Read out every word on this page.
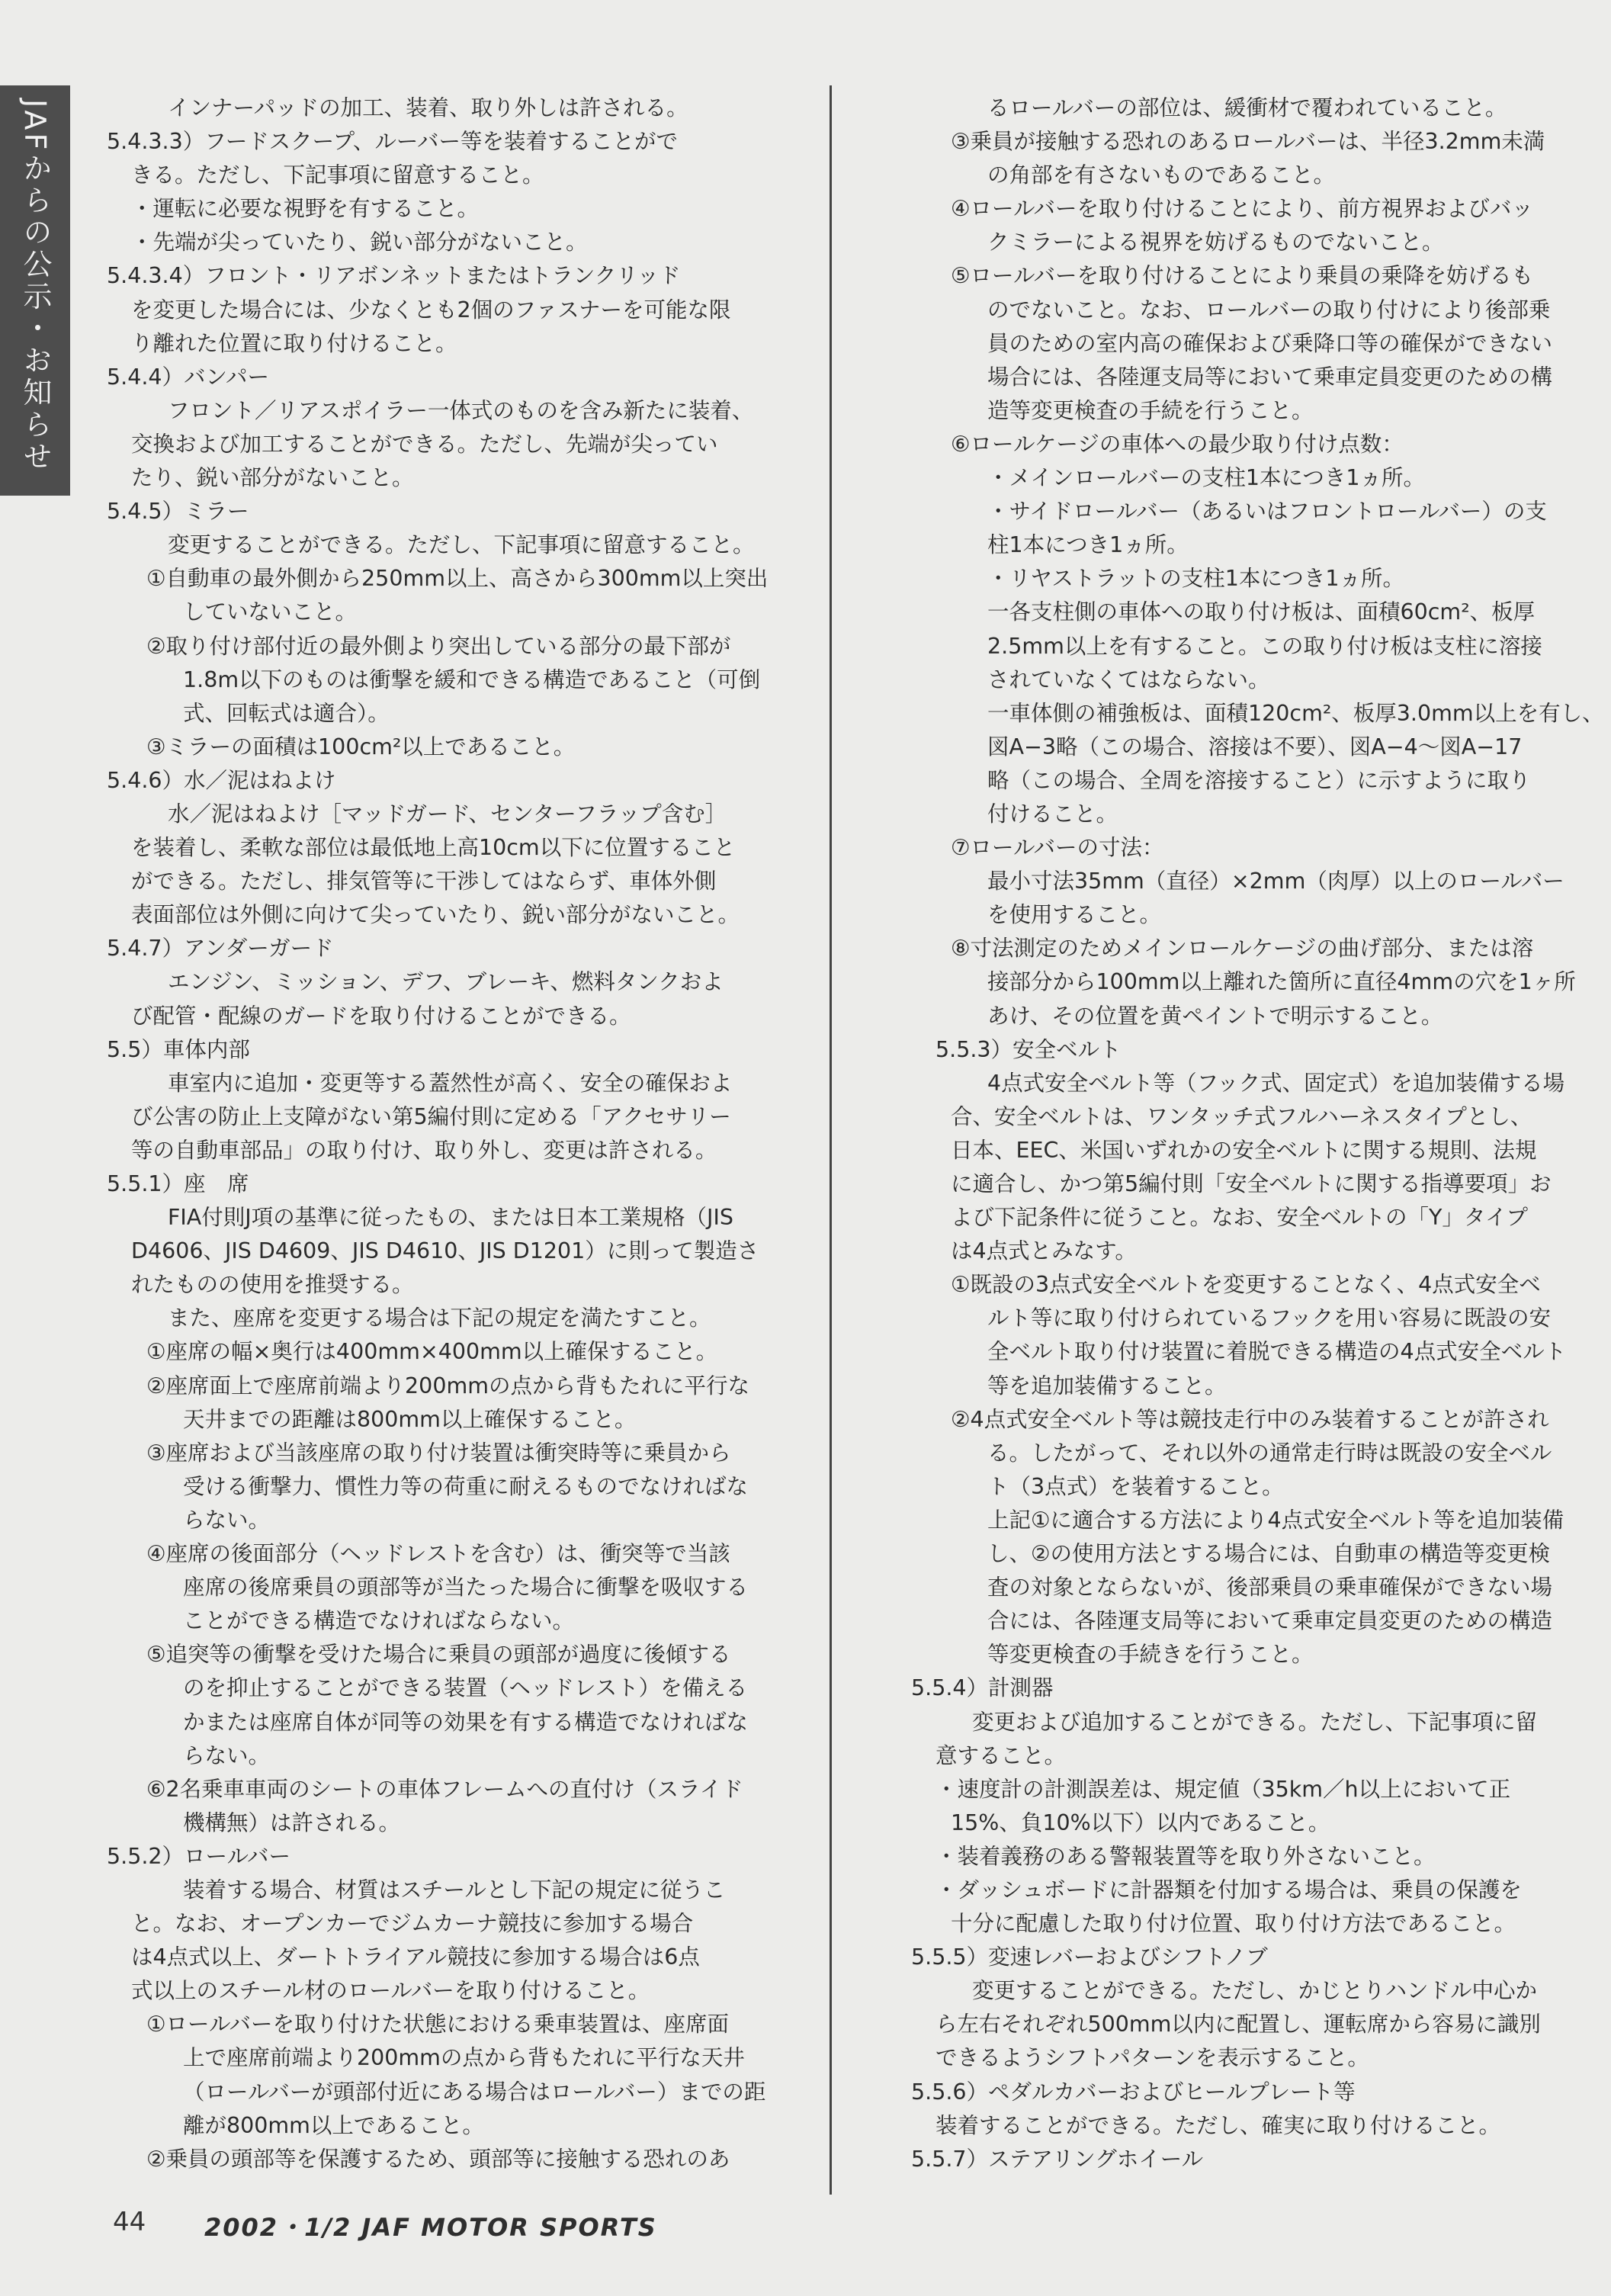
JAFからの公示・お知らせ	インナーパッドの加工、装着、取り外しは許される。
5.4.3.3）フードスクープ、ルーバー等を装着することがで
きる。ただし、下記事項に留意すること。
・運転に必要な視野を有すること。
・先端が尖っていたり、鋭い部分がないこと。
5.4.3.4）フロント・リアボンネットまたはトランクリッド
を変更した場合には、少なくとも2個のファスナーを可能な限
り離れた位置に取り付けること。
5.4.4）バンパー
フロント／リアスポイラー一体式のものを含み新たに装着、
交換および加工することができる。ただし、先端が尖ってい
たり、鋭い部分がないこと。
5.4.5）ミラー
変更することができる。ただし、下記事項に留意すること。
①自動車の最外側から250mm以上、高さから300mm以上突出
していないこと。
②取り付け部付近の最外側より突出している部分の最下部が
1.8m以下のものは衝撃を緩和できる構造であること（可倒
式、回転式は適合）。
③ミラーの面積は100cm²以上であること。
5.4.6）水／泥はねよけ
水／泥はねよけ［マッドガード、センターフラップ含む］
を装着し、柔軟な部位は最低地上高10cm以下に位置すること
ができる。ただし、排気管等に干渉してはならず、車体外側
表面部位は外側に向けて尖っていたり、鋭い部分がないこと。
5.4.7）アンダーガード
エンジン、ミッション、デフ、ブレーキ、燃料タンクおよ
び配管・配線のガードを取り付けることができる。
5.5）車体内部
車室内に追加・変更等する蓋然性が高く、安全の確保およ
び公害の防止上支障がない第5編付則に定める「アクセサリー
等の自動車部品」の取り付け、取り外し、変更は許される。
5.5.1）座　席
FIA付則J項の基準に従ったもの、または日本工業規格（JIS
D4606、JIS D4609、JIS D4610、JIS D1201）に則って製造さ
れたものの使用を推奨する。
また、座席を変更する場合は下記の規定を満たすこと。
①座席の幅×奥行は400mm×400mm以上確保すること。
②座席面上で座席前端より200mmの点から背もたれに平行な
天井までの距離は800mm以上確保すること。
③座席および当該座席の取り付け装置は衝突時等に乗員から
受ける衝撃力、慣性力等の荷重に耐えるものでなければな
らない。
④座席の後面部分（ヘッドレストを含む）は、衝突等で当該
座席の後席乗員の頭部等が当たった場合に衝撃を吸収する
ことができる構造でなければならない。
⑤追突等の衝撃を受けた場合に乗員の頭部が過度に後傾する
のを抑止することができる装置（ヘッドレスト）を備える
かまたは座席自体が同等の効果を有する構造でなければな
らない。
⑥2名乗車車両のシートの車体フレームへの直付け（スライド
機構無）は許される。
5.5.2）ロールバー
装着する場合、材質はスチールとし下記の規定に従うこ
と。なお、オープンカーでジムカーナ競技に参加する場合
は4点式以上、ダートトライアル競技に参加する場合は6点
式以上のスチール材のロールバーを取り付けること。
①ロールバーを取り付けた状態における乗車装置は、座席面
上で座席前端より200mmの点から背もたれに平行な天井
（ロールバーが頭部付近にある場合はロールバー）までの距
離が800mm以上であること。
②乗員の頭部等を保護するため、頭部等に接触する恐れのあ
るロールバーの部位は、緩衝材で覆われていること。
③乗員が接触する恐れのあるロールバーは、半径3.2mm未満
の角部を有さないものであること。
④ロールバーを取り付けることにより、前方視界およびバッ
クミラーによる視界を妨げるものでないこと。
⑤ロールバーを取り付けることにより乗員の乗降を妨げるも
のでないこと。なお、ロールバーの取り付けにより後部乗
員のための室内高の確保および乗降口等の確保ができない
場合には、各陸運支局等において乗車定員変更のための構
造等変更検査の手続を行うこと。
⑥ロールケージの車体への最少取り付け点数：
・メインロールバーの支柱1本につき1ヵ所。
・サイドロールバー（あるいはフロントロールバー）の支
柱1本につき1ヵ所。
・リヤストラットの支柱1本につき1ヵ所。
一各支柱側の車体への取り付け板は、面積60cm²、板厚
2.5mm以上を有すること。この取り付け板は支柱に溶接
されていなくてはならない。
一車体側の補強板は、面積120cm²、板厚3.0mm以上を有し、
図A−3略（この場合、溶接は不要）、図A−4〜図A−17
略（この場合、全周を溶接すること）に示すように取り
付けること。
⑦ロールバーの寸法：
最小寸法35mm（直径）×2mm（肉厚）以上のロールバー
を使用すること。
⑧寸法測定のためメインロールケージの曲げ部分、または溶
接部分から100mm以上離れた箇所に直径4mmの穴を1ヶ所
あけ、その位置を黄ペイントで明示すること。
5.5.3）安全ベルト
4点式安全ベルト等（フック式、固定式）を追加装備する場
合、安全ベルトは、ワンタッチ式フルハーネスタイプとし、
日本、EEC、米国いずれかの安全ベルトに関する規則、法規
に適合し、かつ第5編付則「安全ベルトに関する指導要項」お
よび下記条件に従うこと。なお、安全ベルトの「Y」タイプ
は4点式とみなす。
①既設の3点式安全ベルトを変更することなく、4点式安全ベ
ルト等に取り付けられているフックを用い容易に既設の安
全ベルト取り付け装置に着脱できる構造の4点式安全ベルト
等を追加装備すること。
②4点式安全ベルト等は競技走行中のみ装着することが許され
る。したがって、それ以外の通常走行時は既設の安全ベル
ト（3点式）を装着すること。
上記①に適合する方法により4点式安全ベルト等を追加装備
し、②の使用方法とする場合には、自動車の構造等変更検
査の対象とならないが、後部乗員の乗車確保ができない場
合には、各陸運支局等において乗車定員変更のための構造
等変更検査の手続きを行うこと。
5.5.4）計測器
変更および追加することができる。ただし、下記事項に留
意すること。
・速度計の計測誤差は、規定値（35km／h以上において正
15%、負10%以下）以内であること。
・装着義務のある警報装置等を取り外さないこと。
・ダッシュボードに計器類を付加する場合は、乗員の保護を
十分に配慮した取り付け位置、取り付け方法であること。
5.5.5）変速レバーおよびシフトノブ
変更することができる。ただし、かじとりハンドル中心か
ら左右それぞれ500mm以内に配置し、運転席から容易に識別
できるようシフトパターンを表示すること。
5.5.6）ペダルカバーおよびヒールプレート等
装着することができる。ただし、確実に取り付けること。
5.5.7）ステアリングホイール
44 2002・1/2 JAF MOTOR SPORTS
